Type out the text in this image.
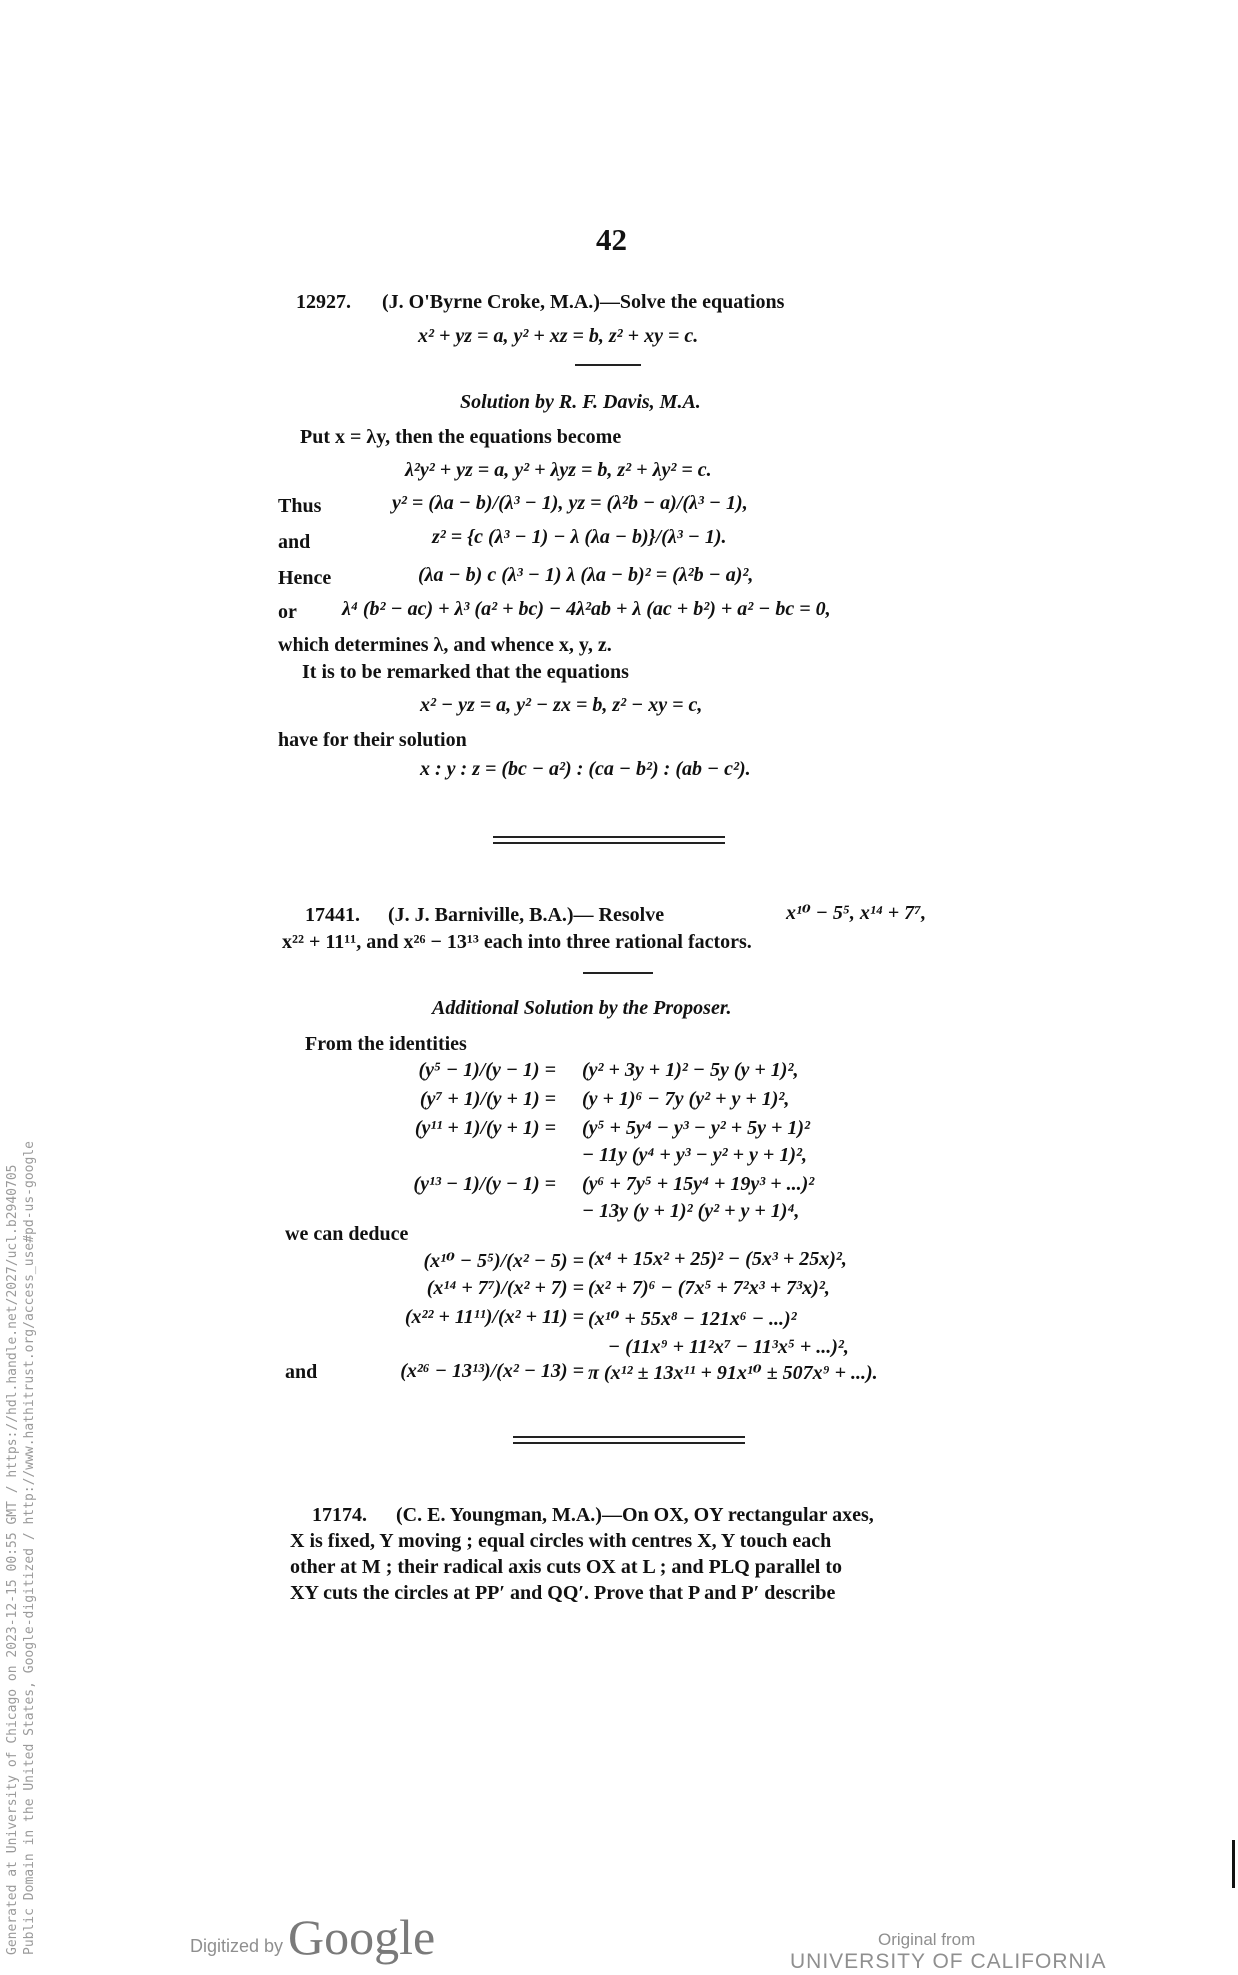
42
12927. (J. O'Byrne Croke, M.A.)—Solve the equations
x² + yz = a, y² + xz = b, z² + xy = c.
Solution by R. F. Davis, M.A.
Put x = λy, then the equations become
λ²y² + yz = a, y² + λyz = b, z² + λy² = c.
Thus	y² = (λa − b)/(λ³ − 1), yz = (λ²b − a)/(λ³ − 1),
and	z² = {c (λ³ − 1) − λ (λa − b)}/(λ³ − 1).
Hence	(λa − b) c (λ³ − 1) λ (λa − b)² = (λ²b − a)²,
or λ⁴ (b² − ac) + λ³ (a² + bc) − 4λ²ab + λ (ac + b²) + a² − bc = 0,
which determines λ, and whence x, y, z.
It is to be remarked that the equations
x² − yz = a, y² − zx = b, z² − xy = c,
have for their solution
x : y : z = (bc − a²) : (ca − b²) : (ab − c²).
17441. (J. J. Barniville, B.A.)— Resolve	x¹⁰ − 5⁵, x¹⁴ + 7⁷,
x²² + 11¹¹, and x²⁶ − 13¹³ each into three rational factors.
Additional Solution by the Proposer.
From the identities
(y⁵ − 1)/(y − 1) = (y² + 3y + 1)² − 5y (y + 1)²,
(y⁷ + 1)/(y + 1) = (y + 1)⁶ − 7y (y² + y + 1)²,
(y¹¹ + 1)/(y + 1) = (y⁵ + 5y⁴ − y³ − y² + 5y + 1)²
− 11y (y⁴ + y³ − y² + y + 1)²,
(y¹³ − 1)/(y − 1) = (y⁶ + 7y⁵ + 15y⁴ + 19y³ + ...)²
− 13y (y + 1)² (y² + y + 1)⁴,
we can deduce
(x¹⁰ − 5⁵)/(x² − 5) = (x⁴ + 15x² + 25)² − (5x³ + 25x)²,
(x¹⁴ + 7⁷)/(x² + 7) = (x² + 7)⁶ − (7x⁵ + 7²x³ + 7³x)²,
(x²² + 11¹¹)/(x² + 11) = (x¹⁰ + 55x⁸ − 121x⁶ − ...)²
− (11x⁹ + 11²x⁷ − 11³x⁵ + ...)²,
and	(x²⁶ − 13¹³)/(x² − 13) = π (x¹² ± 13x¹¹ + 91x¹⁰ ± 507x⁹ + ...).
17174. (C. E. Youngman, M.A.)—On OX, OY rectangular axes,
X is fixed, Y moving ; equal circles with centres X, Y touch each
other at M ; their radical axis cuts OX at L ; and PLQ parallel to
XY cuts the circles at PP′ and QQ′. Prove that P and P′ describe
Generated at University of Chicago on 2023-12-15 00:55 GMT / https://hdl.handle.net/2027/ucl.b2940705 Public Domain in the United States, Google-digitized / http://www.hathitrust.org/access_use#pd-us-google	Digitized by Google	Original from
UNIVERSITY OF CALIFORNIA
